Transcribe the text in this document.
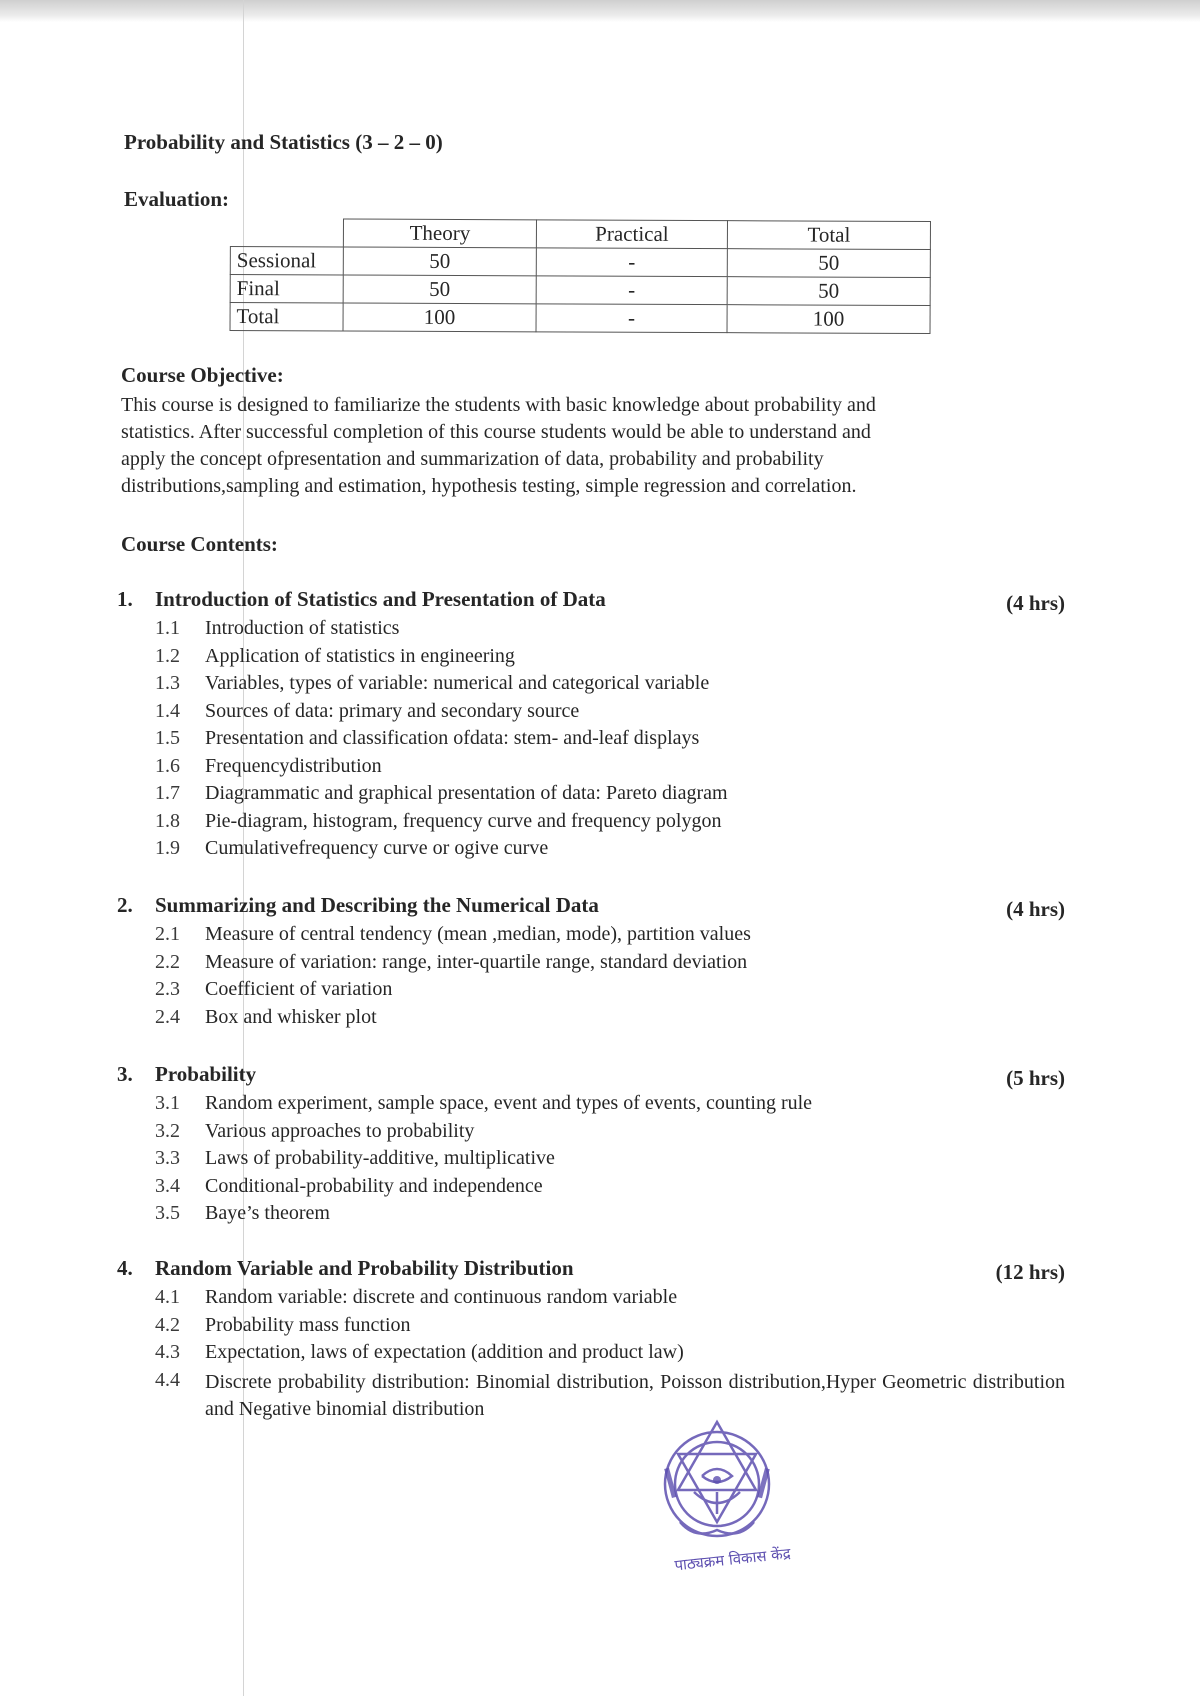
Probability and Statistics (3 – 2 – 0)
Evaluation:
	Theory	Practical	Total
Sessional	50	-	50
Final	50	-	50
Total	100	-	100
Course Objective:

This course is designed to familiarize the students with basic knowledge about probability and

statistics. After successful completion of this course students would be able to understand and

apply the concept ofpresentation and summarization of data, probability and probability

distributions,sampling and estimation, hypothesis testing, simple regression and correlation.

Course Contents:
1. Introduction of Statistics and Presentation of Data	(4 hrs)
1.1 Introduction of statistics
1.2 Application of statistics in engineering
1.3 Variables, types of variable: numerical and categorical variable
1.4 Sources of data: primary and secondary source
1.5 Presentation and classification ofdata: stem- and-leaf displays
1.6 Frequencydistribution
1.7 Diagrammatic and graphical presentation of data: Pareto diagram
1.8 Pie-diagram, histogram, frequency curve and frequency polygon
1.9 Cumulativefrequency curve or ogive curve
2. Summarizing and Describing the Numerical Data	(4 hrs)
2.1 Measure of central tendency (mean ,median, mode), partition values
2.2 Measure of variation: range, inter-quartile range, standard deviation
2.3 Coefficient of variation
2.4 Box and whisker plot
3. Probability	(5 hrs)
3.1 Random experiment, sample space, event and types of events, counting rule
3.2 Various approaches to probability
3.3 Laws of probability-additive, multiplicative
3.4 Conditional-probability and independence
3.5 Baye’s theorem
4. Random Variable and Probability Distribution	(12 hrs)
4.1 Random variable: discrete and continuous random variable
4.2 Probability mass function
4.3 Expectation, laws of expectation (addition and product law)
4.4 Discrete probability distribution: Binomial distribution, Poisson distribution,Hyper Geometric distribution and Negative binomial distribution
पाठ्यक्रम विकास केंद्र
